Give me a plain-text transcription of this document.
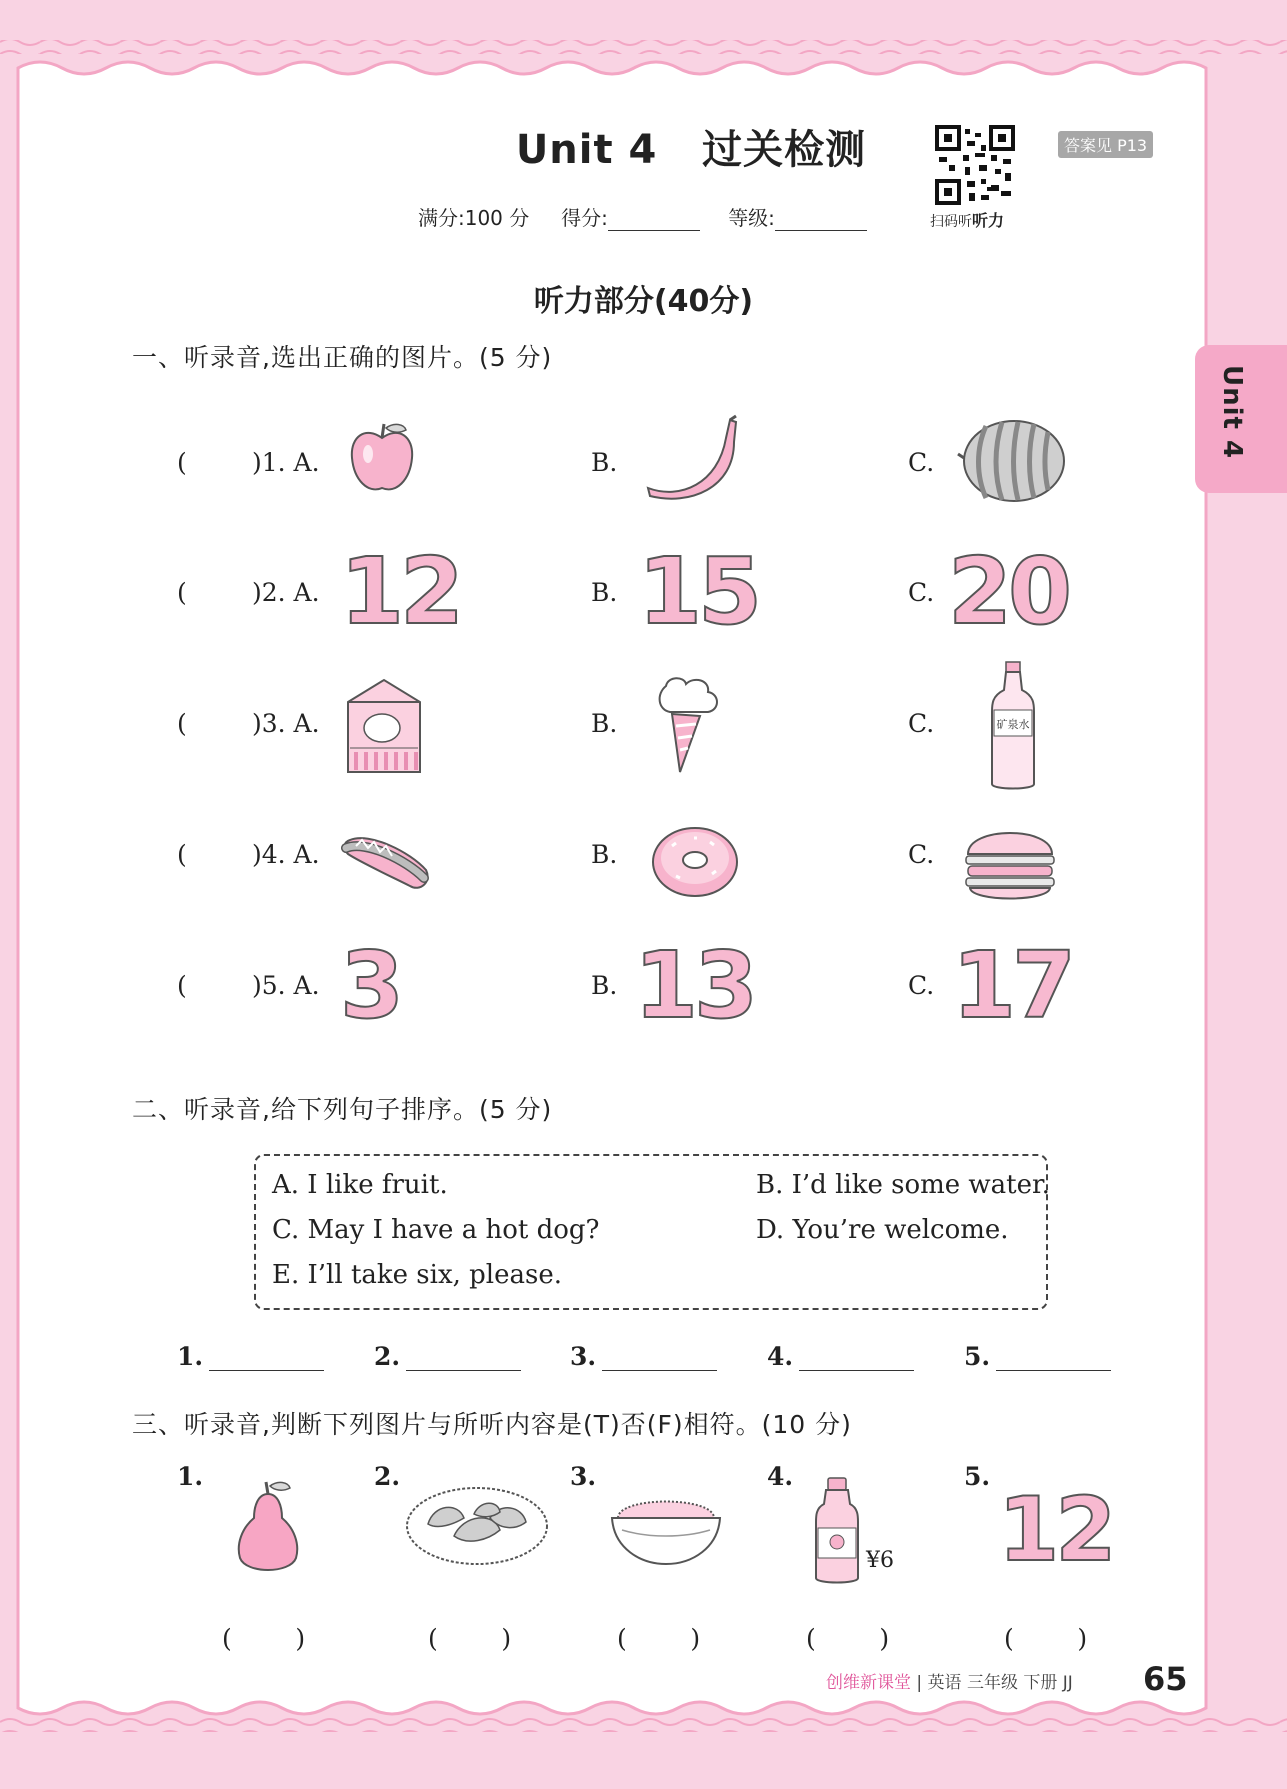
Unit 4 过关检测
满分:100 分 得分:	等级:	扫码听听力
答案见 P13
Unit 4
听力部分(40分)
一、听录音,选出正确的图片。(5 分)
(	)1. A.	B.	C.
(	)2. A. 12	B. 15	C. 20
(	)3. A.	B.	C.	矿泉水
(	)4. A.	B.	C.
(	)5. A. 3	B. 13	C. 17
二、听录音,给下列句子排序。(5 分)
A. I like fruit.	B. I’d like some water.
C. May I have a hot dog?	D. You’re welcome.
E. I’ll take six, please.
1.	2.	3.	4.	5.
三、听录音,判断下列图片与所听内容是(T)否(F)相符。(10 分)
1.	2.	3.	4.
¥6
5.
12
(        )	(        )	(        )	(        )	(        )
创维新课堂 | 英语 三年级 下册 JJ 65
